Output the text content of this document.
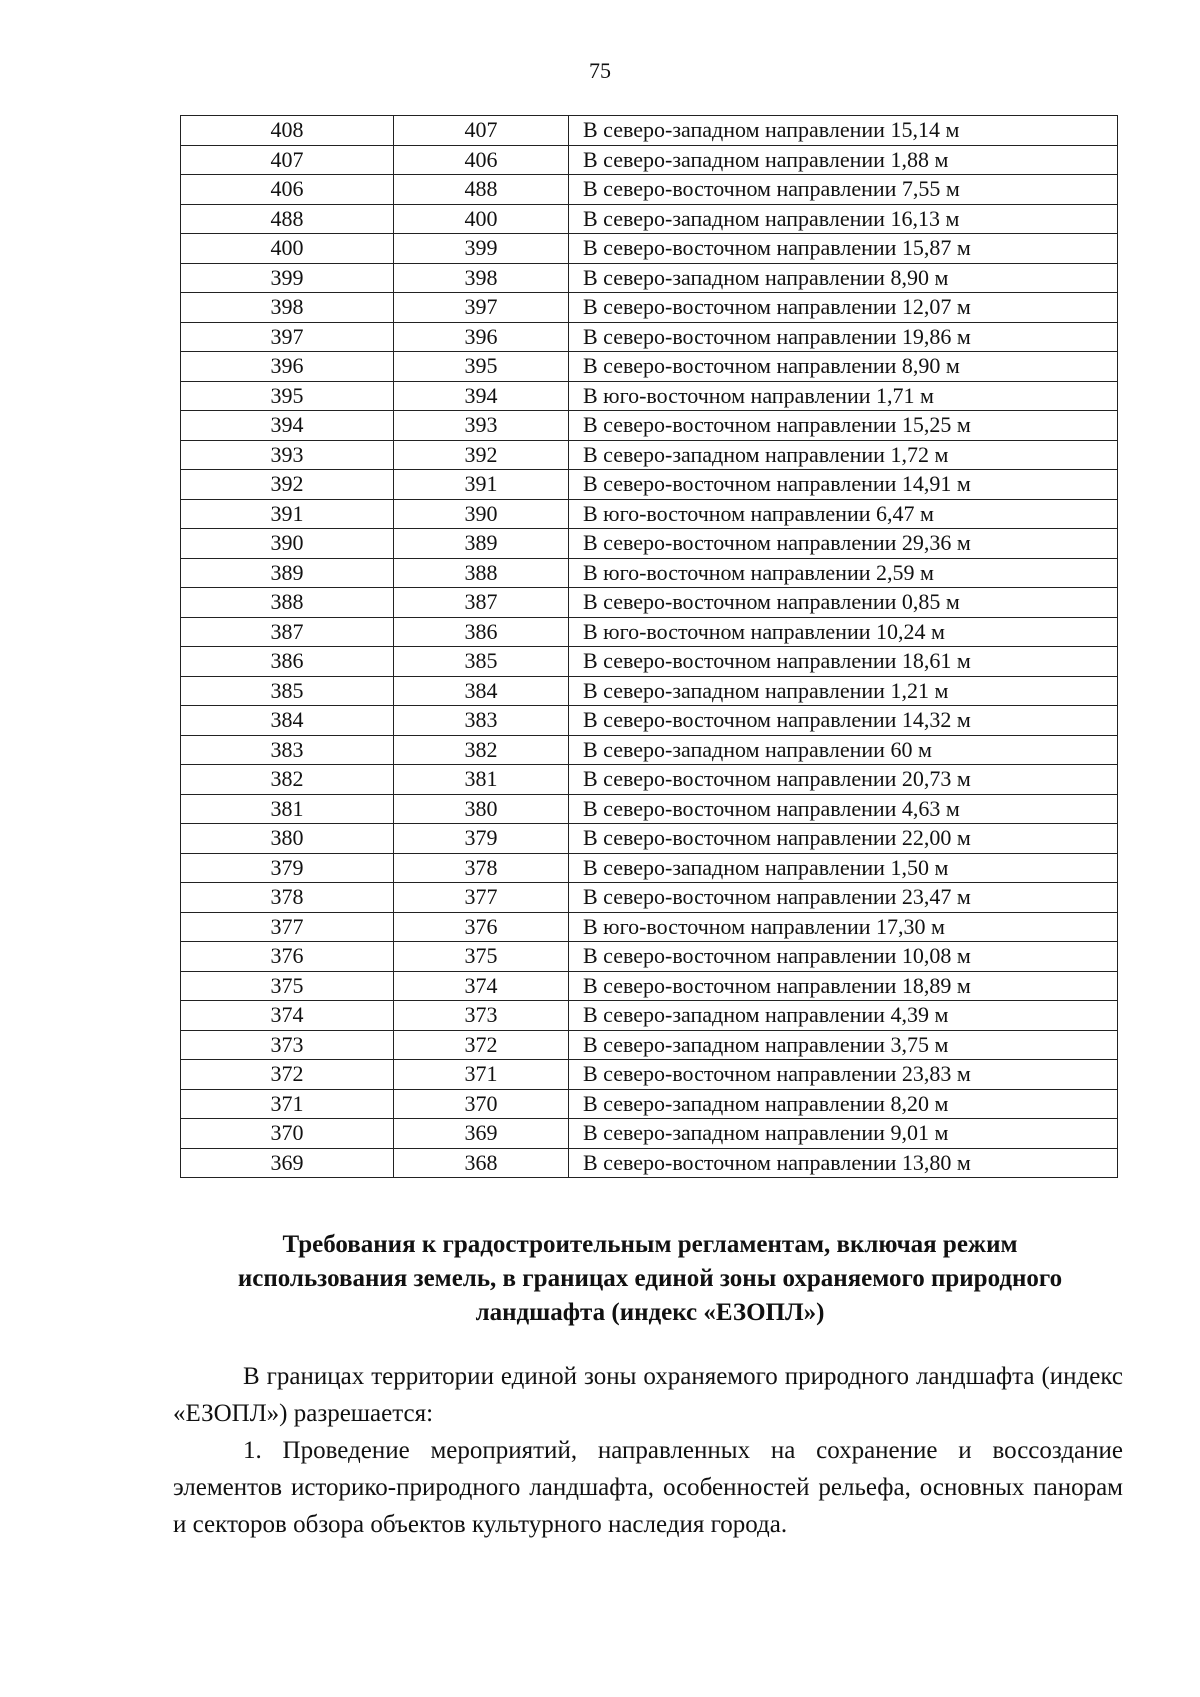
75
408	407	В северо-западном направлении 15,14 м
407	406	В северо-западном направлении 1,88 м
406	488	В северо-восточном направлении 7,55 м
488	400	В северо-западном направлении 16,13 м
400	399	В северо-восточном направлении 15,87 м
399	398	В северо-западном направлении 8,90 м
398	397	В северо-восточном направлении 12,07 м
397	396	В северо-восточном направлении 19,86 м
396	395	В северо-восточном направлении 8,90 м
395	394	В юго-восточном направлении 1,71 м
394	393	В северо-восточном направлении 15,25 м
393	392	В северо-западном направлении 1,72 м
392	391	В северо-восточном направлении 14,91 м
391	390	В юго-восточном направлении 6,47 м
390	389	В северо-восточном направлении 29,36 м
389	388	В юго-восточном направлении 2,59 м
388	387	В северо-восточном направлении 0,85 м
387	386	В юго-восточном направлении 10,24 м
386	385	В северо-восточном направлении 18,61 м
385	384	В северо-западном направлении 1,21 м
384	383	В северо-восточном направлении 14,32 м
383	382	В северо-западном направлении 60 м
382	381	В северо-восточном направлении 20,73 м
381	380	В северо-восточном направлении 4,63 м
380	379	В северо-восточном направлении 22,00 м
379	378	В северо-западном направлении 1,50 м
378	377	В северо-восточном направлении 23,47 м
377	376	В юго-восточном направлении 17,30 м
376	375	В северо-восточном направлении 10,08 м
375	374	В северо-восточном направлении 18,89 м
374	373	В северо-западном направлении 4,39 м
373	372	В северо-западном направлении 3,75 м
372	371	В северо-восточном направлении 23,83 м
371	370	В северо-западном направлении 8,20 м
370	369	В северо-западном направлении 9,01 м
369	368	В северо-восточном направлении 13,80 м
Требования к градостроительным регламентам, включая режим
использования земель, в границах единой зоны охраняемого природного
ландшафта (индекс «ЕЗОПЛ»)

В границах территории единой зоны охраняемого природного ландшафта (индекс «ЕЗОПЛ») разрешается:

1. Проведение мероприятий, направленных на сохранение и воссоздание элементов историко-природного ландшафта, особенностей рельефа, основных панорам и секторов обзора объектов культурного наследия города.
